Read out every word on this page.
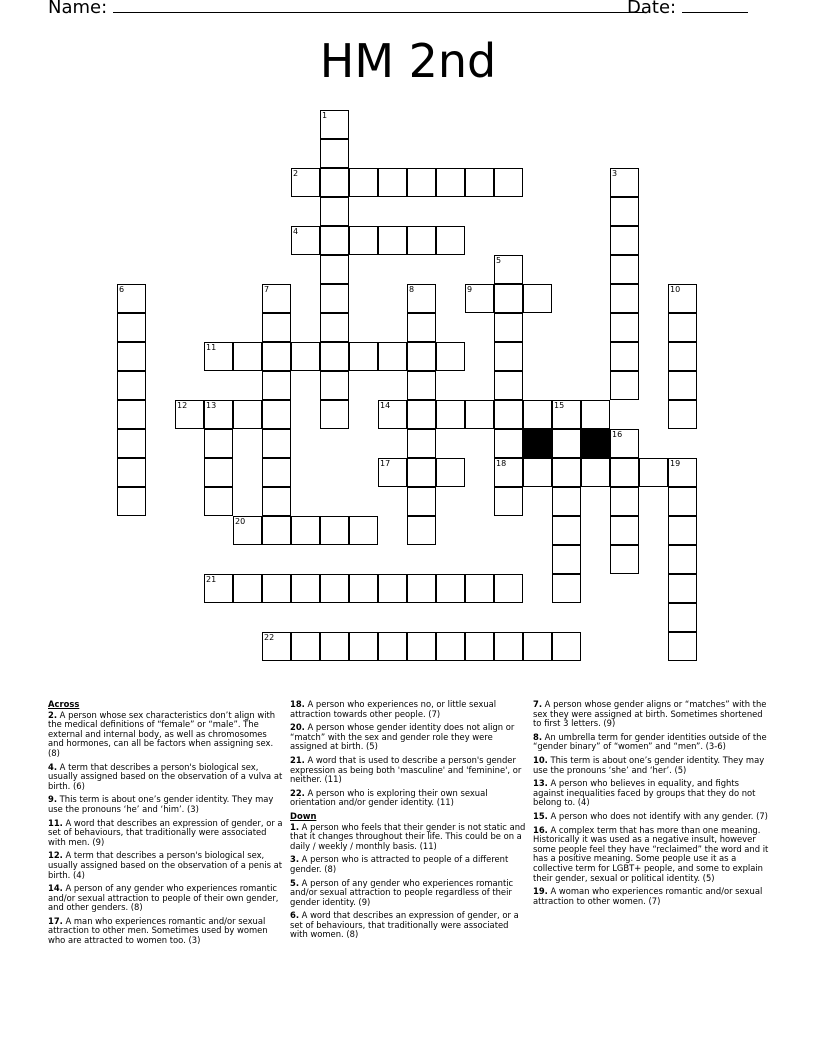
Name:	Date:
HM 2nd
1
2	3
4
5
6	7	8	9	10
11
12 13	14	15
16
17	18	19
20
21
22
Across
2. A person whose sex characteristics don’t align with the medical definitions of “female” or “male”. The external and internal body, as well as chromosomes and hormones, can all be factors when assigning sex. (8)
4. A term that describes a person's biological sex, usually assigned based on the observation of a vulva at birth. (6)
9. This term is about one’s gender identity. They may use the pronouns ‘he’ and ‘him’. (3)
11. A word that describes an expression of gender, or a set of behaviours, that traditionally were associated with men. (9)
12. A term that describes a person's biological sex, usually assigned based on the observation of a penis at birth. (4)
14. A person of any gender who experiences romantic and/or sexual attraction to people of their own gender, and other genders. (8)
17. A man who experiences romantic and/or sexual attraction to other men. Sometimes used by women who are attracted to women too. (3)
18. A person who experiences no, or little sexual attraction towards other people. (7)
20. A person whose gender identity does not align or “match” with the sex and gender role they were assigned at birth. (5)
21. A word that is used to describe a person's gender expression as being both 'masculine' and 'feminine', or neither. (11)
22. A person who is exploring their own sexual orientation and/or gender identity. (11)
Down
1. A person who feels that their gender is not static and that it changes throughout their life. This could be on a daily / weekly / monthly basis. (11)
3. A person who is attracted to people of a different gender. (8)
5. A person of any gender who experiences romantic and/or sexual attraction to people regardless of their gender identity. (9)
6. A word that describes an expression of gender, or a set of behaviours, that traditionally were associated with women. (8)
7. A person whose gender aligns or “matches” with the sex they were assigned at birth. Sometimes shortened to first 3 letters. (9)
8. An umbrella term for gender identities outside of the “gender binary” of “women” and “men”. (3-6)
10. This term is about one’s gender identity. They may use the pronouns ‘she’ and ‘her’. (5)
13. A person who believes in equality, and fights against inequalities faced by groups that they do not belong to. (4)
15. A person who does not identify with any gender. (7)
16. A complex term that has more than one meaning. Historically it was used as a negative insult, however some people feel they have “reclaimed” the word and it has a positive meaning. Some people use it as a collective term for LGBT+ people, and some to explain their gender, sexual or political identity. (5)
19. A woman who experiences romantic and/or sexual attraction to other women. (7)
